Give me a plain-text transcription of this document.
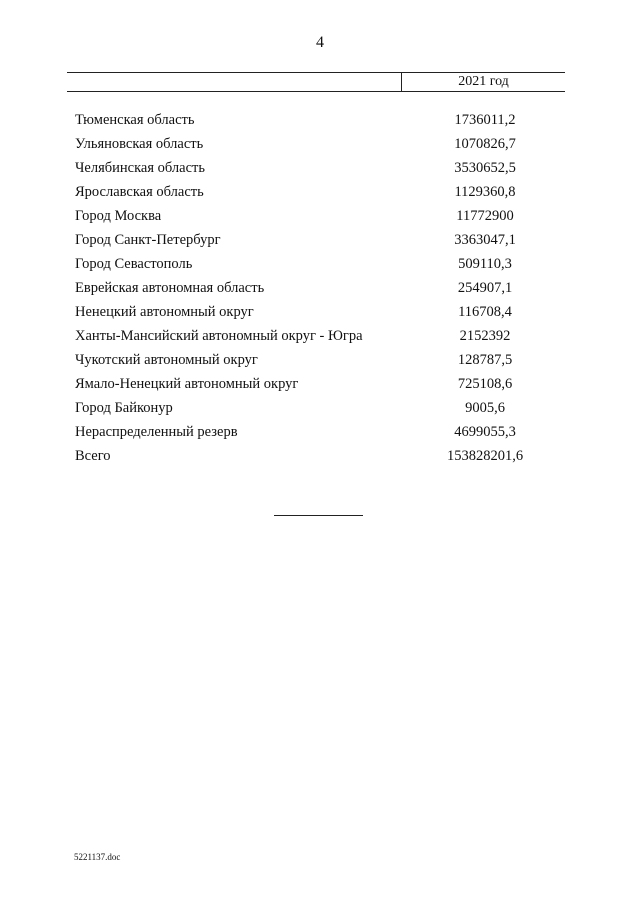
4
2021 год
Тюменская область	1736011,2
Ульяновская область	1070826,7
Челябинская область	3530652,5
Ярославская область	1129360,8
Город Москва	11772900
Город Санкт-Петербург	3363047,1
Город Севастополь	509110,3
Еврейская автономная область	254907,1
Ненецкий автономный округ	116708,4
Ханты-Мансийский автономный округ - Югра	2152392
Чукотский автономный округ	128787,5
Ямало-Ненецкий автономный округ	725108,6
Город Байконур	9005,6
Нераспределенный резерв	4699055,3
Всего	153828201,6
5221137.doc
